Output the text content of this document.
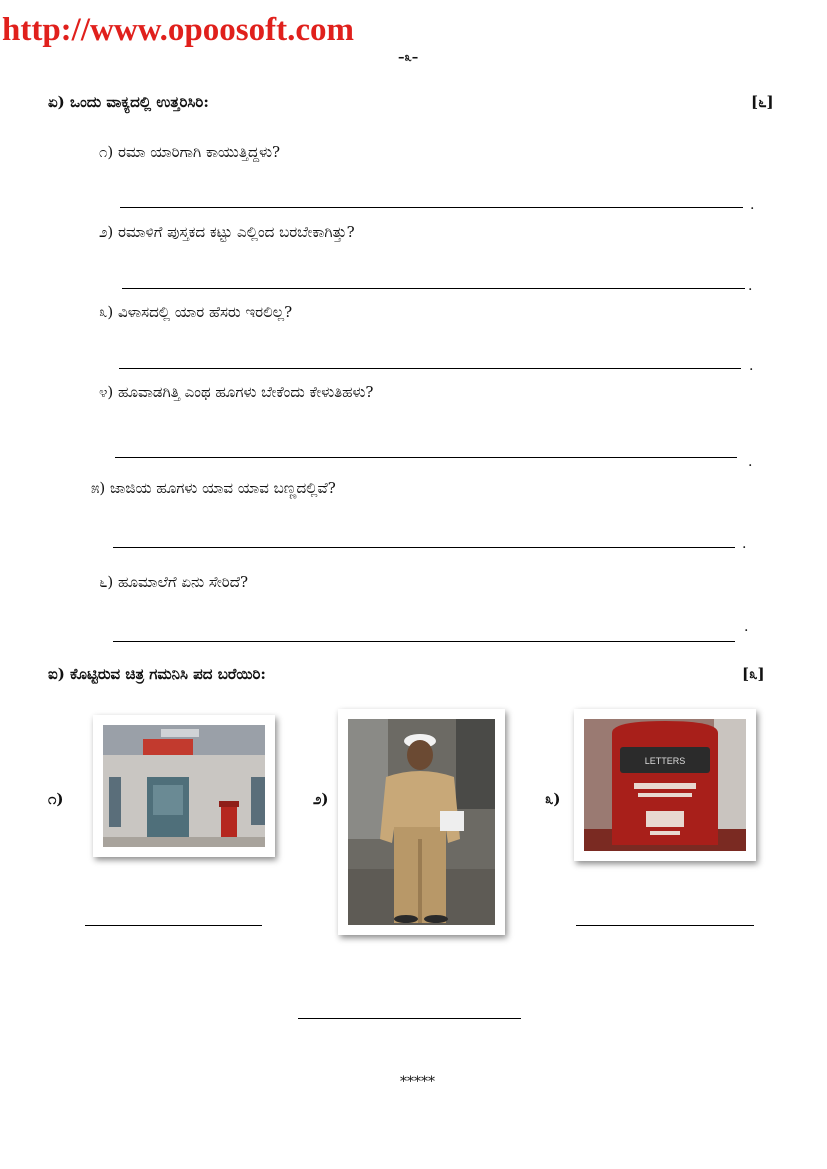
http://www.opoosoft.com
–೩–
ಏ) ಒಂದು ವಾಕ್ಯದಲ್ಲಿ ಉತ್ತರಿಸಿರಿ:	[೬]
೧) ರಮಾ ಯಾರಿಗಾಗಿ ಕಾಯುತ್ತಿದ್ದಳು?
.
೨) ರಮಾಳಿಗೆ ಪುಸ್ತಕದ ಕಟ್ಟು ಎಲ್ಲಿಂದ ಬರಬೇಕಾಗಿತ್ತು?
.
೩) ವಿಳಾಸದಲ್ಲಿ ಯಾರ ಹೆಸರು ಇರಲಿಲ್ಲ?
.
೪) ಹೂವಾಡಗಿತ್ತಿ ಎಂಥ ಹೂಗಳು ಬೇಕೆಂದು ಕೇಳುತಿಹಳು?
.
೫) ಜಾಜಿಯ ಹೂಗಳು ಯಾವ ಯಾವ ಬಣ್ಣದಲ್ಲಿವೆ?
.
೬) ಹೂಮಾಲೆಗೆ ಏನು ಸೇರಿದೆ?
.
ಐ) ಕೊಟ್ಟಿರುವ ಚಿತ್ರ ಗಮನಿಸಿ ಪದ ಬರೆಯಿರಿ:	[೩]
೧)	೨)	೩)
LETTERS
*****
